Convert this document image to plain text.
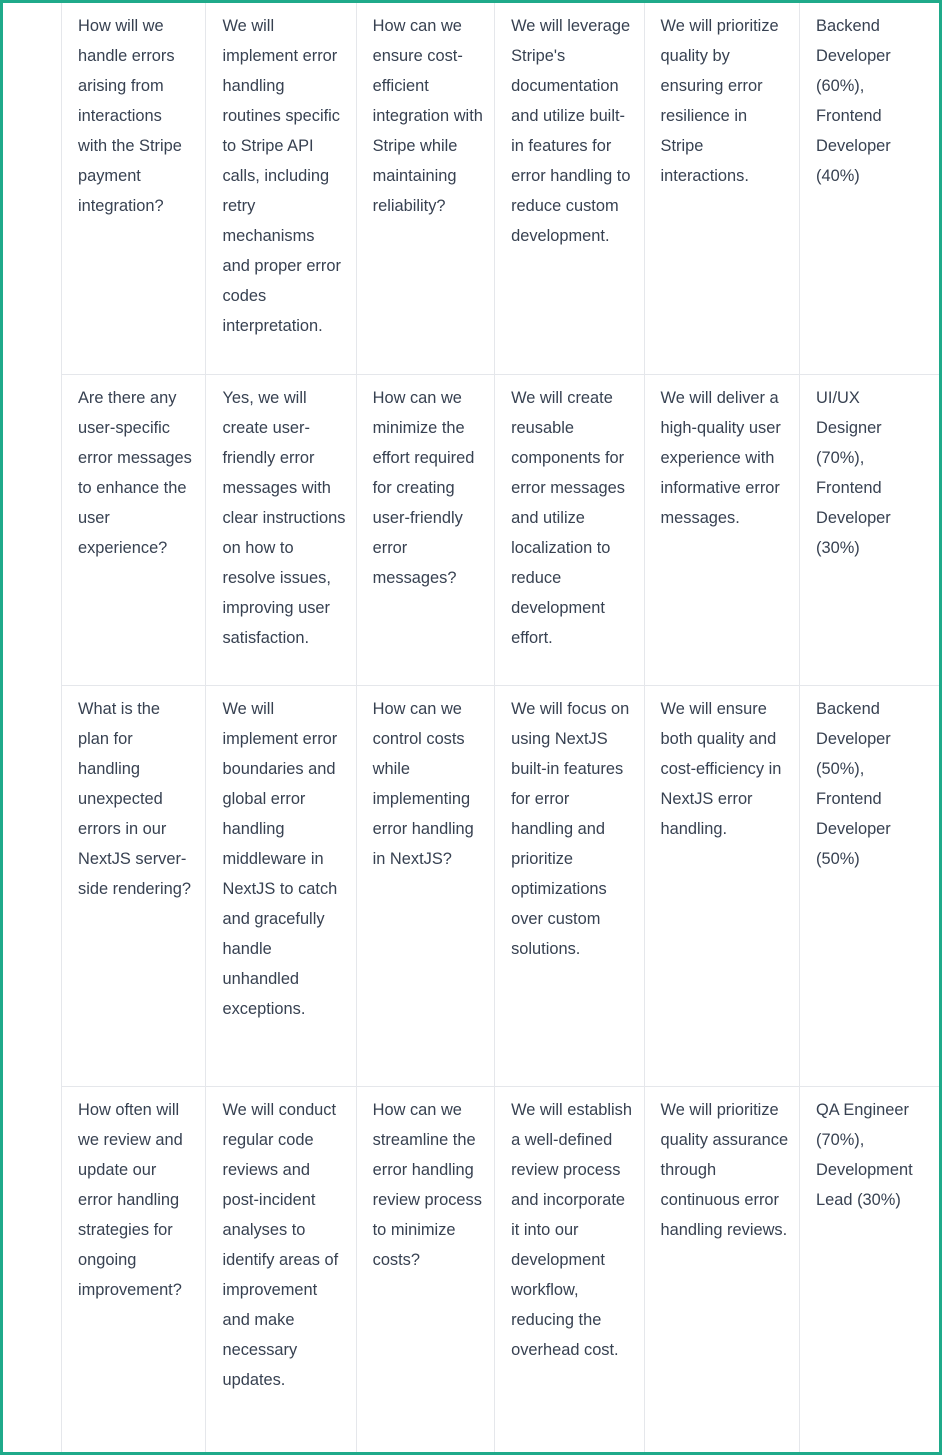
How will we handle errors arising from interactions with the Stripe payment integration?	We will implement error handling routines specific to Stripe API calls, including retry mechanisms and proper error codes interpretation.	How can we ensure cost-efficient integration with Stripe while maintaining reliability?	We will leverage Stripe's documentation and utilize built-in features for error handling to reduce custom development.	We will prioritize quality by ensuring error resilience in Stripe interactions.	Backend Developer (60%), Frontend Developer (40%)
Are there any user-specific error messages to enhance the user experience?	Yes, we will create user-friendly error messages with clear instructions on how to resolve issues, improving user satisfaction.	How can we minimize the effort required for creating user-friendly error messages?	We will create reusable components for error messages and utilize localization to reduce development effort.	We will deliver a high-quality user experience with informative error messages.	UI/UX Designer (70%), Frontend Developer (30%)
What is the plan for handling unexpected errors in our NextJS server-side rendering?	We will implement error boundaries and global error handling middleware in NextJS to catch and gracefully handle unhandled exceptions.	How can we control costs while implementing error handling in NextJS?	We will focus on using NextJS built-in features for error handling and prioritize optimizations over custom solutions.	We will ensure both quality and cost-efficiency in NextJS error handling.	Backend Developer (50%), Frontend Developer (50%)
How often will we review and update our error handling strategies for ongoing improvement?	We will conduct regular code reviews and post-incident analyses to identify areas of improvement and make necessary updates.	How can we streamline the error handling review process to minimize costs?	We will establish a well-defined review process and incorporate it into our development workflow, reducing the overhead cost.	We will prioritize quality assurance through continuous error handling reviews.	QA Engineer (70%), Development Lead (30%)
